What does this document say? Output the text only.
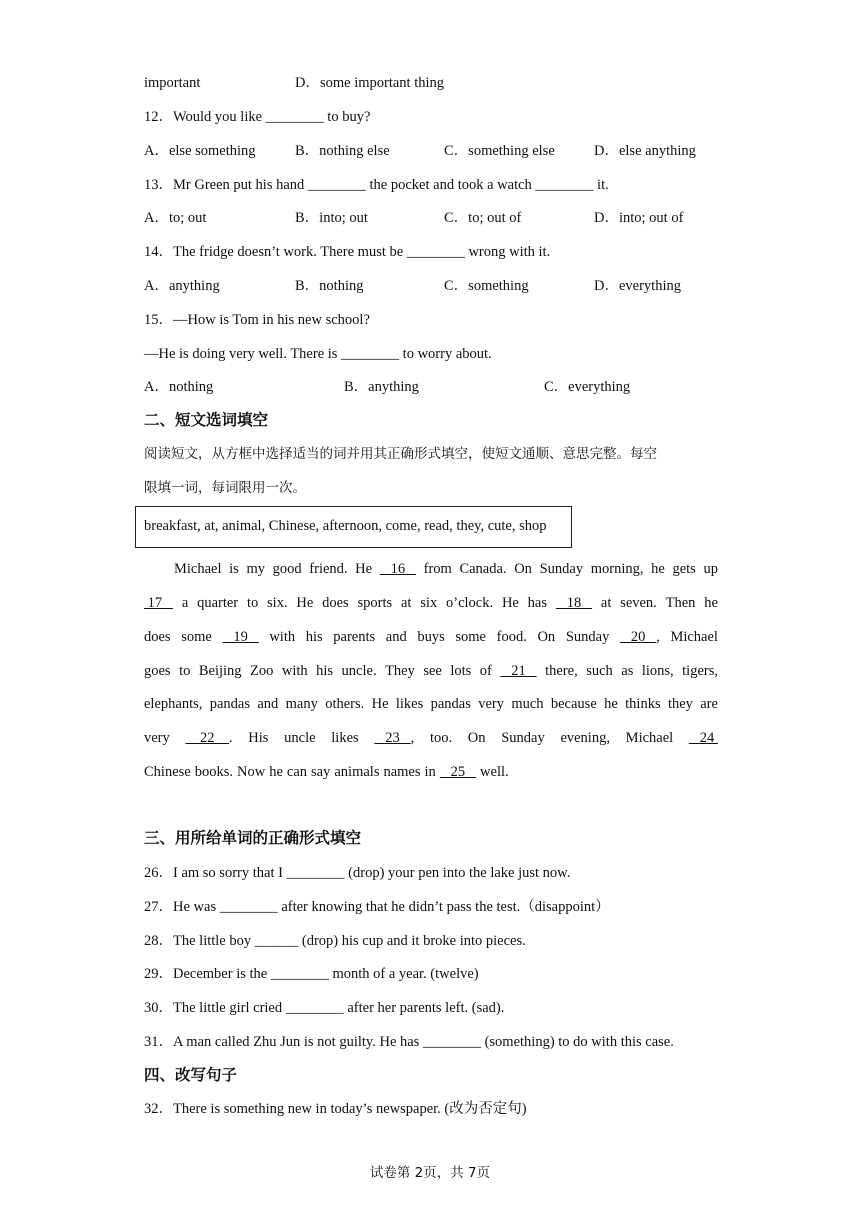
important	D．some important thing
12．Would you like ________ to buy?
A．else something	B．nothing else	C．something else	D．else anything
13．Mr Green put his hand ________ the pocket and took a watch ________ it.
A．to; out	B．into; out	C．to; out of	D．into; out of
14．The fridge doesn’t work. There must be ________ wrong with it.
A．anything	B．nothing	C．something	D．everything
15．—How is Tom in his new school?
—He is doing very well. There is ________ to worry about.
A．nothing	B．anything	C．everything
二、短文选词填空
阅读短文，从方框中选择适当的词并用其正确形式填空，使短文通顺、意思完整。每空
限填一词，每词限用一次。
breakfast, at, animal, Chinese, afternoon, come, read, they, cute, shop
Michael is my good friend. He 16 from Canada. On Sunday morning, he gets up
17 a quarter to six. He does sports at six o’clock. He has 18 at seven. Then he
does some 19 with his parents and buys some food. On Sunday 20   , Michael
goes to Beijing Zoo with his uncle. They see lots of 21 there, such as lions, tigers,
elephants, pandas and many others. He likes pandas very much because he thinks they are
very 22    . His uncle likes 23   , too. On Sunday evening, Michael 24
Chinese books. Now he can say animals names in 25 well.
三、用所给单词的正确形式填空
26．I am so sorry that I ________ (drop) your pen into the lake just now.
27．He was ________ after knowing that he didn’t pass the test.（disappoint）
28．The little boy ______ (drop) his cup and it broke into pieces.
29．December is the ________ month of a year. (twelve)
30．The little girl cried ________ after her parents left. (sad).
31．A man called Zhu Jun is not guilty. He has ________ (something) to do with this case.
四、改写句子
32．There is something new in today’s newspaper. (改为否定句)
试卷第 2页，共 7页
